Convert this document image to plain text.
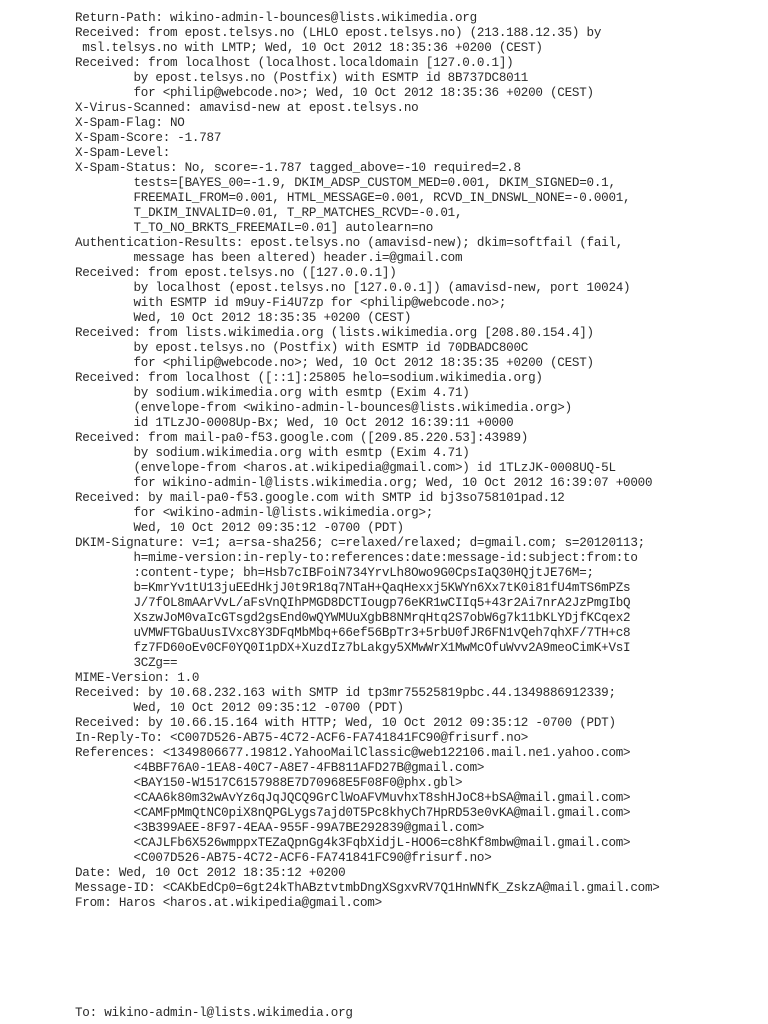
Return-Path: wikino-admin-l-bounces@lists.wikimedia.org
Received: from epost.telsys.no (LHLO epost.telsys.no) (213.188.12.35) by
msl.telsys.no with LMTP; Wed, 10 Oct 2012 18:35:36 +0200 (CEST)
Received: from localhost (localhost.localdomain [127.0.0.1])
by epost.telsys.no (Postfix) with ESMTP id 8B737DC8011
for <philip@webcode.no>; Wed, 10 Oct 2012 18:35:36 +0200 (CEST)
X-Virus-Scanned: amavisd-new at epost.telsys.no
X-Spam-Flag: NO
X-Spam-Score: -1.787
X-Spam-Level:
X-Spam-Status: No, score=-1.787 tagged_above=-10 required=2.8
tests=[BAYES_00=-1.9, DKIM_ADSP_CUSTOM_MED=0.001, DKIM_SIGNED=0.1,
FREEMAIL_FROM=0.001, HTML_MESSAGE=0.001, RCVD_IN_DNSWL_NONE=-0.0001,
T_DKIM_INVALID=0.01, T_RP_MATCHES_RCVD=-0.01,
T_TO_NO_BRKTS_FREEMAIL=0.01] autolearn=no
Authentication-Results: epost.telsys.no (amavisd-new); dkim=softfail (fail,
message has been altered) header.i=@gmail.com
Received: from epost.telsys.no ([127.0.0.1])
by localhost (epost.telsys.no [127.0.0.1]) (amavisd-new, port 10024)
with ESMTP id m9uy-Fi4U7zp for <philip@webcode.no>;
Wed, 10 Oct 2012 18:35:35 +0200 (CEST)
Received: from lists.wikimedia.org (lists.wikimedia.org [208.80.154.4])
by epost.telsys.no (Postfix) with ESMTP id 70DBADC800C
for <philip@webcode.no>; Wed, 10 Oct 2012 18:35:35 +0200 (CEST)
Received: from localhost ([::1]:25805 helo=sodium.wikimedia.org)
by sodium.wikimedia.org with esmtp (Exim 4.71)
(envelope-from <wikino-admin-l-bounces@lists.wikimedia.org>)
id 1TLzJO-0008Up-Bx; Wed, 10 Oct 2012 16:39:11 +0000
Received: from mail-pa0-f53.google.com ([209.85.220.53]:43989)
by sodium.wikimedia.org with esmtp (Exim 4.71)
(envelope-from <haros.at.wikipedia@gmail.com>) id 1TLzJK-0008UQ-5L
for wikino-admin-l@lists.wikimedia.org; Wed, 10 Oct 2012 16:39:07 +0000
Received: by mail-pa0-f53.google.com with SMTP id bj3so758101pad.12
for <wikino-admin-l@lists.wikimedia.org>;
Wed, 10 Oct 2012 09:35:12 -0700 (PDT)
DKIM-Signature: v=1; a=rsa-sha256; c=relaxed/relaxed; d=gmail.com; s=20120113;
h=mime-version:in-reply-to:references:date:message-id:subject:from:to
:content-type; bh=Hsb7cIBFoiN734YrvLh8Owo9G0CpsIaQ30HQjtJE76M=;
b=KmrYv1tU13juEEdHkjJ0t9R18q7NTaH+QaqHexxj5KWYn6Xx7tK0i81fU4mTS6mPZs
J/7fOL8mAArVvL/aFsVnQIhPMGD8DCTIougp76eKR1wCIIq5+43r2Ai7nrA2JzPmgIbQ
XszwJoM0vaIcGTsgd2gsEnd0wQYWMUuXgbB8NMrqHtq2S7obW6g7k11bKLYDjfKCqex2
uVMWFTGbaUusIVxc8Y3DFqMbMbq+66ef56BpTr3+5rbU0fJR6FN1vQeh7qhXF/7TH+c8
fz7FD60oEv0CF0YQ0I1pDX+XuzdIz7bLakgy5XMwWrX1MwMcOfuWvv2A9meoCimK+VsI
3CZg==
MIME-Version: 1.0
Received: by 10.68.232.163 with SMTP id tp3mr75525819pbc.44.1349886912339;
Wed, 10 Oct 2012 09:35:12 -0700 (PDT)
Received: by 10.66.15.164 with HTTP; Wed, 10 Oct 2012 09:35:12 -0700 (PDT)
In-Reply-To: <C007D526-AB75-4C72-ACF6-FA741841FC90@frisurf.no>
References: <1349806677.19812.YahooMailClassic@web122106.mail.ne1.yahoo.com>
<4BBF76A0-1EA8-40C7-A8E7-4FB811AFD27B@gmail.com>
<BAY150-W1517C6157988E7D70968E5F08F0@phx.gbl>
<CAA6k80m32wAvYz6qJqJQCQ9GrClWoAFVMuvhxT8shHJoC8+bSA@mail.gmail.com>
<CAMFpMmQtNC0piX8nQPGLygs7ajd0T5Pc8khyCh7HpRD53e0vKA@mail.gmail.com>
<3B399AEE-8F97-4EAA-955F-99A7BE292839@gmail.com>
<CAJLFb6X526wmppxTEZaQpnGg4k3FqbXidjL-HOO6=c8hKf8mbw@mail.gmail.com>
<C007D526-AB75-4C72-ACF6-FA741841FC90@frisurf.no>
Date: Wed, 10 Oct 2012 18:35:12 +0200
Message-ID: <CAKbEdCp0=6gt24kThABztvtmbDngXSgxvRV7Q1HnWNfK_ZskzA@mail.gmail.com>
From: Haros <haros.at.wikipedia@gmail.com>
To: wikino-admin-l@lists.wikimedia.org
